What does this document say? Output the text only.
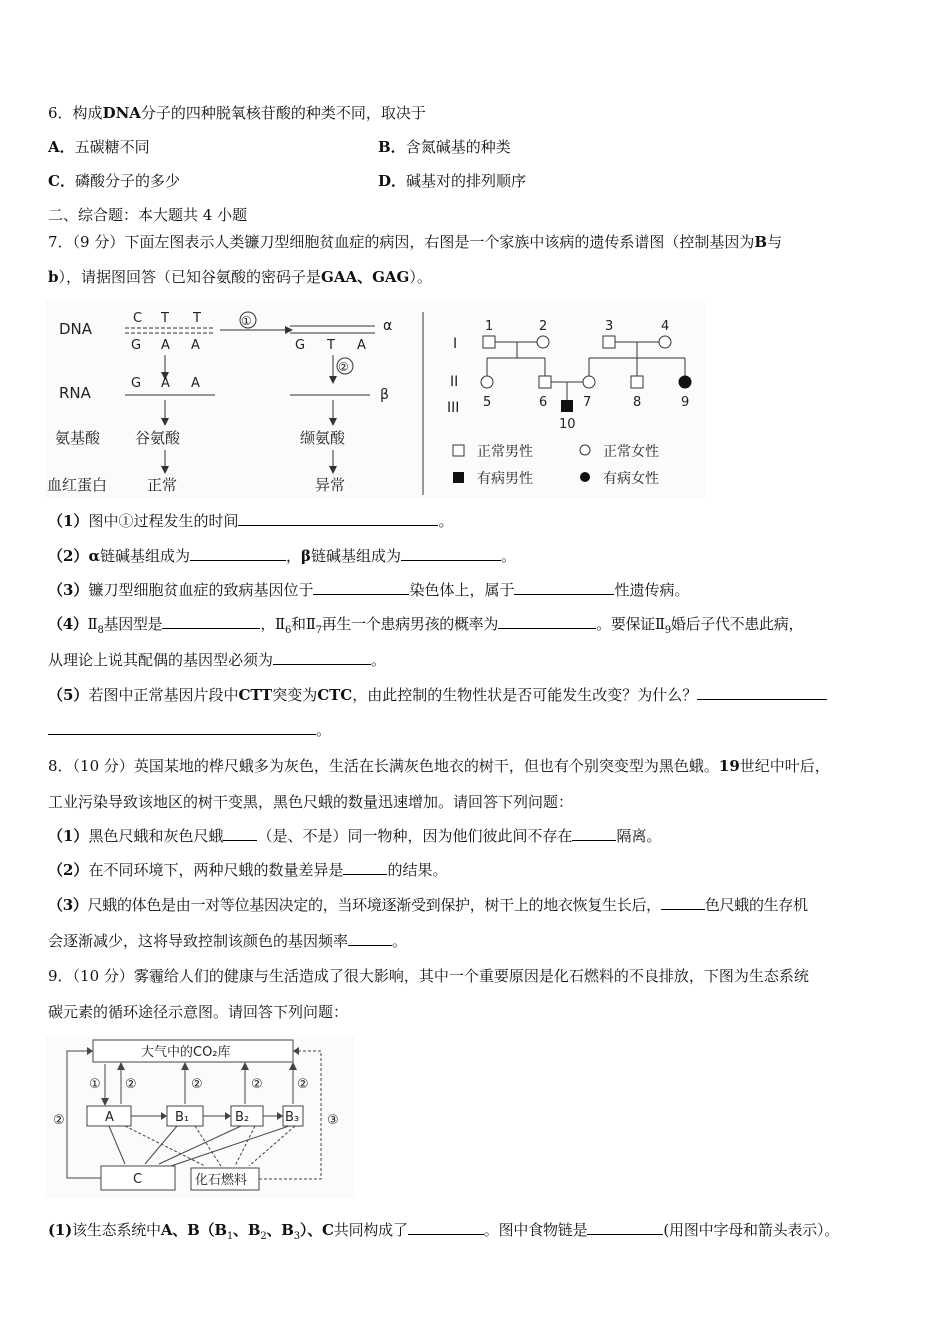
6．构成DNA分子的四种脱氧核苷酸的种类不同，取决于
A．五碳糖不同	B．含氮碱基的种类
C．磷酸分子的多少	D．碱基对的排列顺序
二、综合题：本大题共 4 小题
7．（9 分）下面左图表示人类镰刀型细胞贫血症的病因，右图是一个家族中该病的遗传系谱图（控制基因为B与
b），请据图回答（已知谷氨酸的密码子是GAA、GAG）。
DNA
C T T
G A A
①	α
G T A
RNA
G A A
②
β
氨基酸 谷氨酸	缬氨酸
血红蛋白	正常	异常
I
II
III
1	2	3	4
5	6	7	8	9
10
正常男性	正常女性
有病男性	有病女性
（1）图中①过程发生的时间	。
（2）α链碱基组成为	，β链碱基组成为	。
（3）镰刀型细胞贫血症的致病基因位于	染色体上，属于	性遗传病。
$(4)Ⅱ_8$基因型是	，$Ⅱ_6$和$Ⅱ_7$再生一个患病男孩的概率为	。要保证$Ⅱ_9$婚后子代不患此病，
从理论上说其配偶的基因型必须为	。
（5）若图中正常基因片段中CTT突变为CTC，由此控制的生物性状是否可能发生改变？为什么？
。
8．（10 分）英国某地的桦尺蛾多为灰色，生活在长满灰色地衣的树干，但也有个别突变型为黑色蛾。19世纪中叶后，
工业污染导致该地区的树干变黑，黑色尺蛾的数量迅速增加。请回答下列问题：
（1）黑色尺蛾和灰色尺蛾 （是、不是）同一物种，因为他们彼此间不存在	隔离。
（2）在不同环境下，两种尺蛾的数量差异是	的结果。
（3）尺蛾的体色是由一对等位基因决定的，当环境逐渐受到保护，树干上的地衣恢复生长后，	色尺蛾的生存机
会逐渐减少，这将导致控制该颜色的基因频率	。
9．（10 分）雾霾给人们的健康与生活造成了很大影响，其中一个重要原因是化石燃料的不良排放，下图为生态系统
碳元素的循环途径示意图。请回答下列问题：
大气中的CO₂库
A	B₁	B₂	B₃
C	化石燃料
① ②	②	②	②
②	③
(1)该生态系统中A、$B(B_1$、$B_2$、$B_3$）、C共同构成了	。图中食物链是	(用图中字母和箭头表示）。
